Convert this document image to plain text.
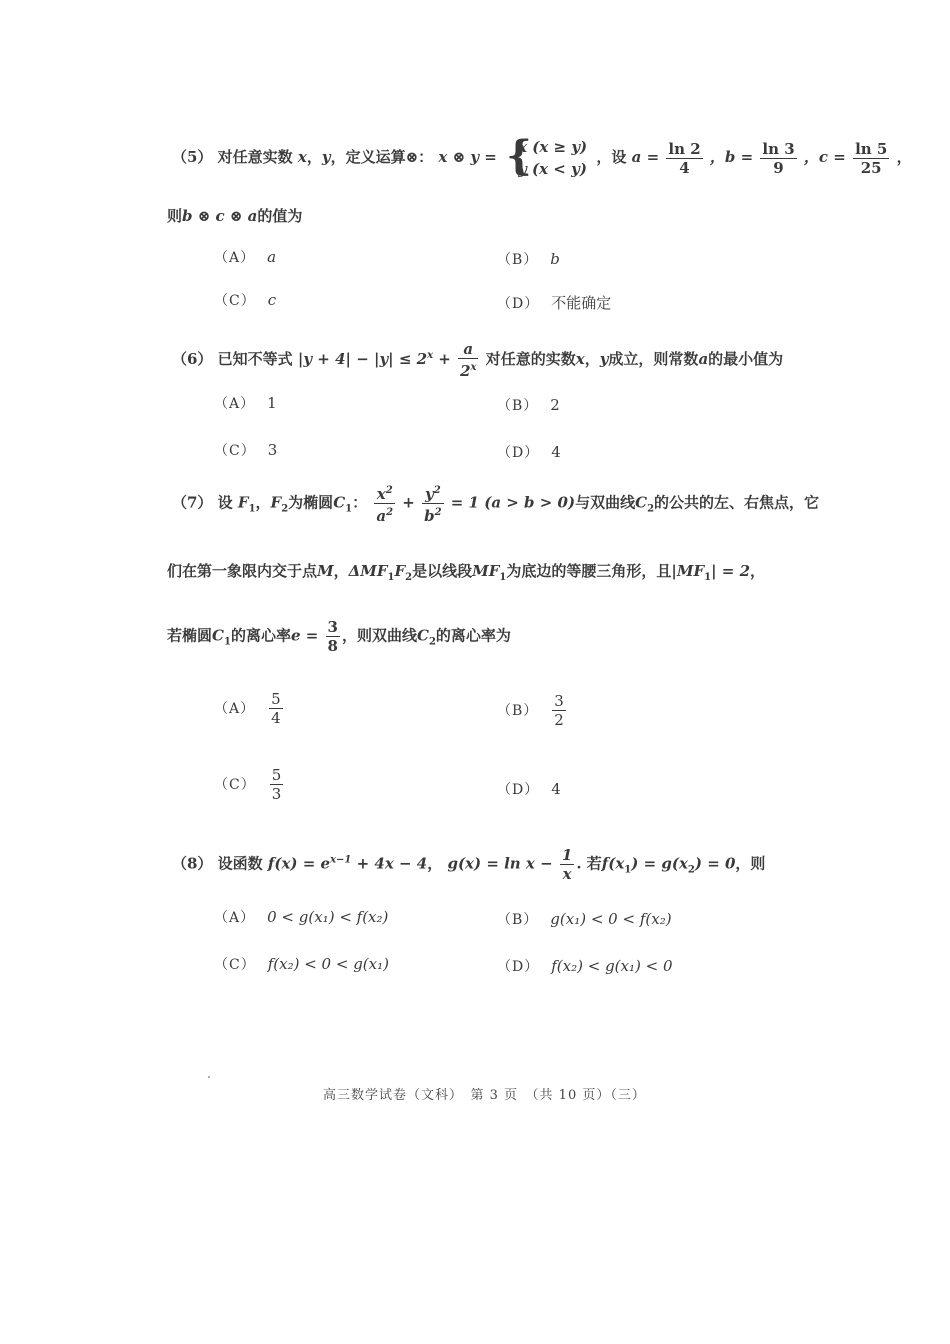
（5） 对任意实数 x，y，定义运算⊗： x ⊗ y = {
x (x ≥ y)
y (x < y)
，设 $a = \frac{\ln 2}{4}$ ，$b = \frac{\ln 3}{9}$ ，$c = \frac{\ln 5}{25}$ ，
则b ⊗ c ⊗ a的值为
（A） a	（B） b
（C） c	（D） 不能确定
（6） 已知不等式 $|y + 4| - |y| \le 2^x + \frac{a}{2^x}$ 对任意的实数x，y成立，则常数a的最小值为
（A） 1	（B） 2
（C） 3	（D） 4
（7） 设 $F_1$，$F_2$为椭圆$C_1$： $\frac{x^2}{a^2} + \frac{y^2}{b^2} = 1$ (a > b > 0)与双曲线$C_2$的公共的左、右焦点，它
们在第一象限内交于点M，$\Delta MF_1F_2$是以线段$MF_1$为底边的等腰三角形，且$|MF_1| = 2$，
若椭圆$C_1$的离心率$e = \frac{3}{8}$ ，则双曲线$C_2$的离心率为
$(A) \frac{5}{4}$	$(B) \frac{3}{2}$
$(C) \frac{5}{3}$	（D） 4
（8） 设函数 $f(x) = e^{x-1} + 4x - 4$， $g(x) = \ln x - \frac{1}{x}$ . 若$f(x_1) = g(x_2) = 0$，则
（A） 0 < g(x₁) < f(x₂)	（B） g(x₁) < 0 < f(x₂)
（C） f(x₂) < 0 < g(x₁)	（D） f(x₂) < g(x₁) < 0
高三数学试卷（文科）　第 3 页　（共 10 页）（三）
